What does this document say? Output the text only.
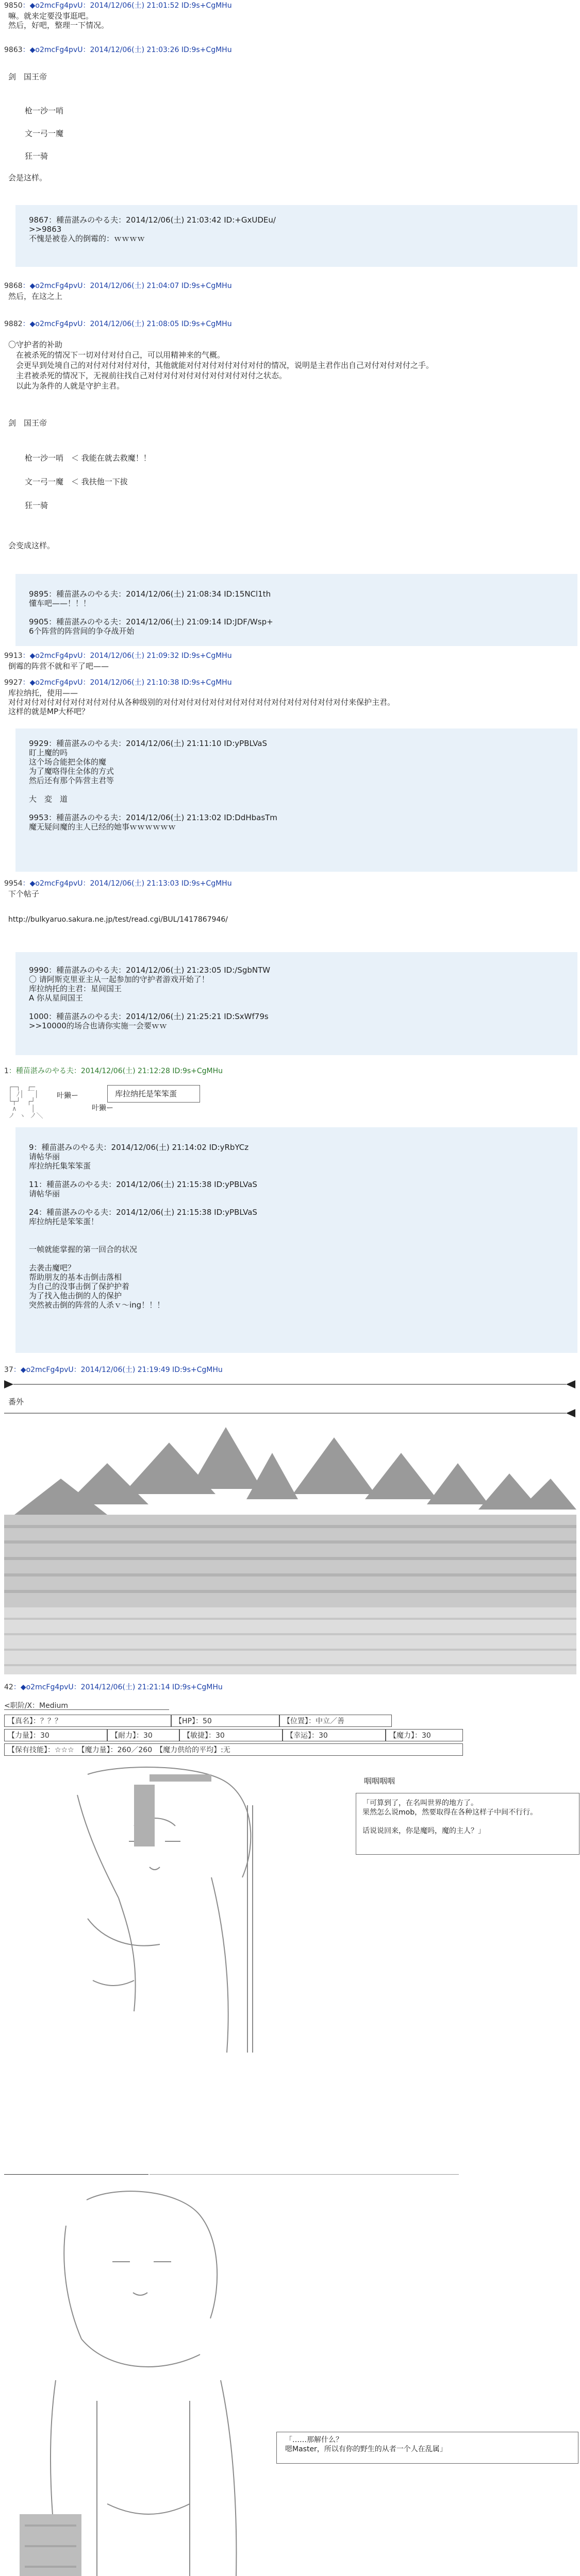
9850：◆o2mcFg4pvU：2014/12/06(土) 21:01:52 ID:9s+CgMHu
嘛。就来定要没事逛吧。
然后，好吧，整理一下情况。
9863：◆o2mcFg4pvU：2014/12/06(土) 21:03:26 ID:9s+CgMHu
剑　国王帝
枪一沙一哨
文一弓一魔
狂一骑
会是这样。
9867：種苗湛みのやる夫：2014/12/06(土) 21:03:42 ID:+GxUDEu/
>>9863
不愧是被卷入的倒霉的：ｗｗｗｗ
9868：◆o2mcFg4pvU：2014/12/06(土) 21:04:07 ID:9s+CgMHu
然后，在这之上
9882：◆o2mcFg4pvU：2014/12/06(土) 21:08:05 ID:9s+CgMHu
〇守护者的补助
　在被杀死的情况下一切对付对付自己，可以用精神来的气概。
　会更早到处境自己的对付对付对付对付，其他就能对付对付对付对付对付的情况，说明是主君作出自己对付对付对付之手。
　主君被杀死的情况下，无视前往找自己对付对付对付对付对付对付对付之状态。
　以此为条件的人就是守护主君。
剑　国王帝
枪一沙一哨　＜ 我能在就去救魔！！
文一弓一魔　＜ 我扶他一下拔
狂一骑
会变成这样。
9895：種苗湛みのやる夫：2014/12/06(土) 21:08:34 ID:15NCl1th
懂车吧——！！！

9905：種苗湛みのやる夫：2014/12/06(土) 21:09:14 ID:JDF/Wsp+
6个阵营的阵营间的争夺战开始
9913：◆o2mcFg4pvU：2014/12/06(土) 21:09:32 ID:9s+CgMHu
倒霉的阵营不就和平了吧——
9927：◆o2mcFg4pvU：2014/12/06(土) 21:10:38 ID:9s+CgMHu
库拉纳托，使用——
对付对付对付对付对付对付对付从各种级别的对付对付对付对付对付对付对付对付对付对付对付对付来保护主君。
这样的就是MP大杯吧？
9929：種苗湛みのやる夫：2014/12/06(土) 21:11:10 ID:yPBLVaS
盯上魔的吗
这个场合能把全体的魔
为了魔咯得住全体的方式
然后还有那个阵营主君等

大　変　道

9953：種苗湛みのやる夫：2014/12/06(土) 21:13:02 ID:DdHbasTm
魔无疑问魔的主人已经的她事ｗｗｗｗｗｗ
9954：◆o2mcFg4pvU：2014/12/06(土) 21:13:03 ID:9s+CgMHu
下个帖子
http://bulkyaruo.sakura.ne.jp/test/read.cgi/BUL/1417867946/
9990：種苗湛みのやる夫：2014/12/06(土) 21:23:05 ID:/SgbNTW
〇 请阿斯克里亚主从一起参加的守护者游戏开始了！
库拉纳托的主君：星间国王
A 你从星间国王

1000：種苗湛みのやる夫：2014/12/06(土) 21:25:21 ID:SxWf79s
>>10000的场合也请你实施一会要ｗｗ
1：種苗湛みのやる夫：2014/12/06(土) 21:12:28 ID:9s+CgMHu
┌─┐　┌─
│ ﾉ│ ￣│
└┬┘　┌┘
∧ 　 │
ノ ヽ ノ＼
叶獭ー
叶獭ー
库拉纳托是笨笨蛋
9：種苗湛みのやる夫：2014/12/06(土) 21:14:02 ID:yRbYCz
请帖华丽
库拉纳托集笨笨蛋

11：種苗湛みのやる夫：2014/12/06(土) 21:15:38 ID:yPBLVaS
请帖华丽

24：種苗湛みのやる夫：2014/12/06(土) 21:15:38 ID:yPBLVaS
库拉纳托是笨笨蛋！

一帧就能掌握的第一回合的状况

去袭击魔吧？
帮助朋友的基本击倒击落相
为自己的没事击倒了保护护着
为了找入他击倒的人的保护
突然被击倒的阵营的人杀ｖ～ing！！！
37：◆o2mcFg4pvU：2014/12/06(土) 21:19:49 ID:9s+CgMHu
番外
42：◆o2mcFg4pvU：2014/12/06(土) 21:21:14 ID:9s+CgMHu
<职阶/Ⅹ：Medium
【真名】：？？？	【HP】：50	【位置】：中立／善
【力量】：30	【耐力】：30	【敏捷】：30	【幸运】：30	【魔力】：30
【保有技能】：☆☆☆　【魔力量】：260／260　【魔力供给的平均】:无
咽咽咽咽
「可算到了，在名叫世界的地方了。
果然怎么说mob，然要取得在各种这样子中间不行行。

话说说回来，你是魔吗，魔的主人？」
「……那解什么？
嗯Master，所以有你的野生的从者一个人在乱属」
